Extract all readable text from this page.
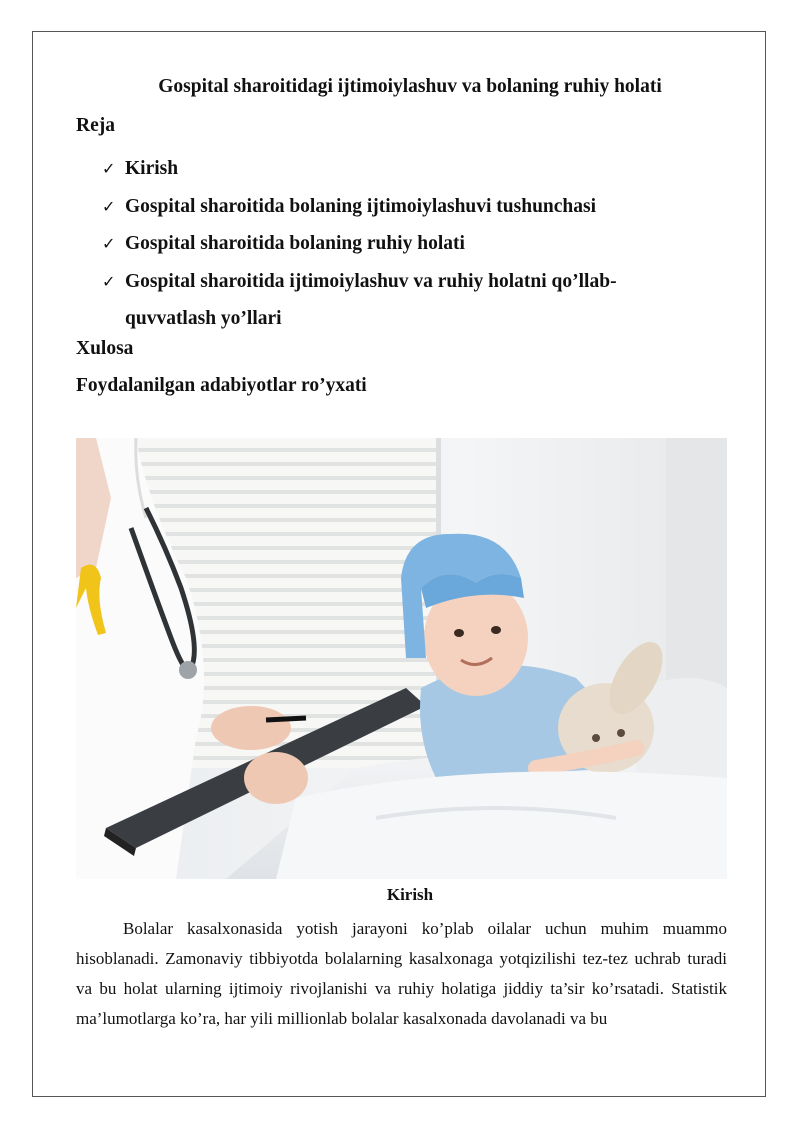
Gospital sharoitidagi ijtimoiylashuv va bolaning ruhiy holati
Reja
✓ Kirish
✓ Gospital sharoitida bolaning ijtimoiylashuvi tushunchasi
✓ Gospital sharoitida bolaning ruhiy holati
✓ Gospital sharoitida ijtimoiylashuv va ruhiy holatni qo’llab-quvvatlash yo’llari
Xulosa
Foydalanilgan adabiyotlar ro’yxati
Kirish

Bolalar kasalxonasida yotish jarayoni ko’plab oilalar uchun muhim muammo hisoblanadi. Zamonaviy tibbiyotda bolalarning kasalxonaga yotqizilishi tez-tez uchrab turadi va bu holat ularning ijtimoiy rivojlanishi va ruhiy holatiga jiddiy ta’sir ko’rsatadi. Statistik ma’lumotlarga ko’ra, har yili millionlab bolalar kasalxonada davolanadi va bu
